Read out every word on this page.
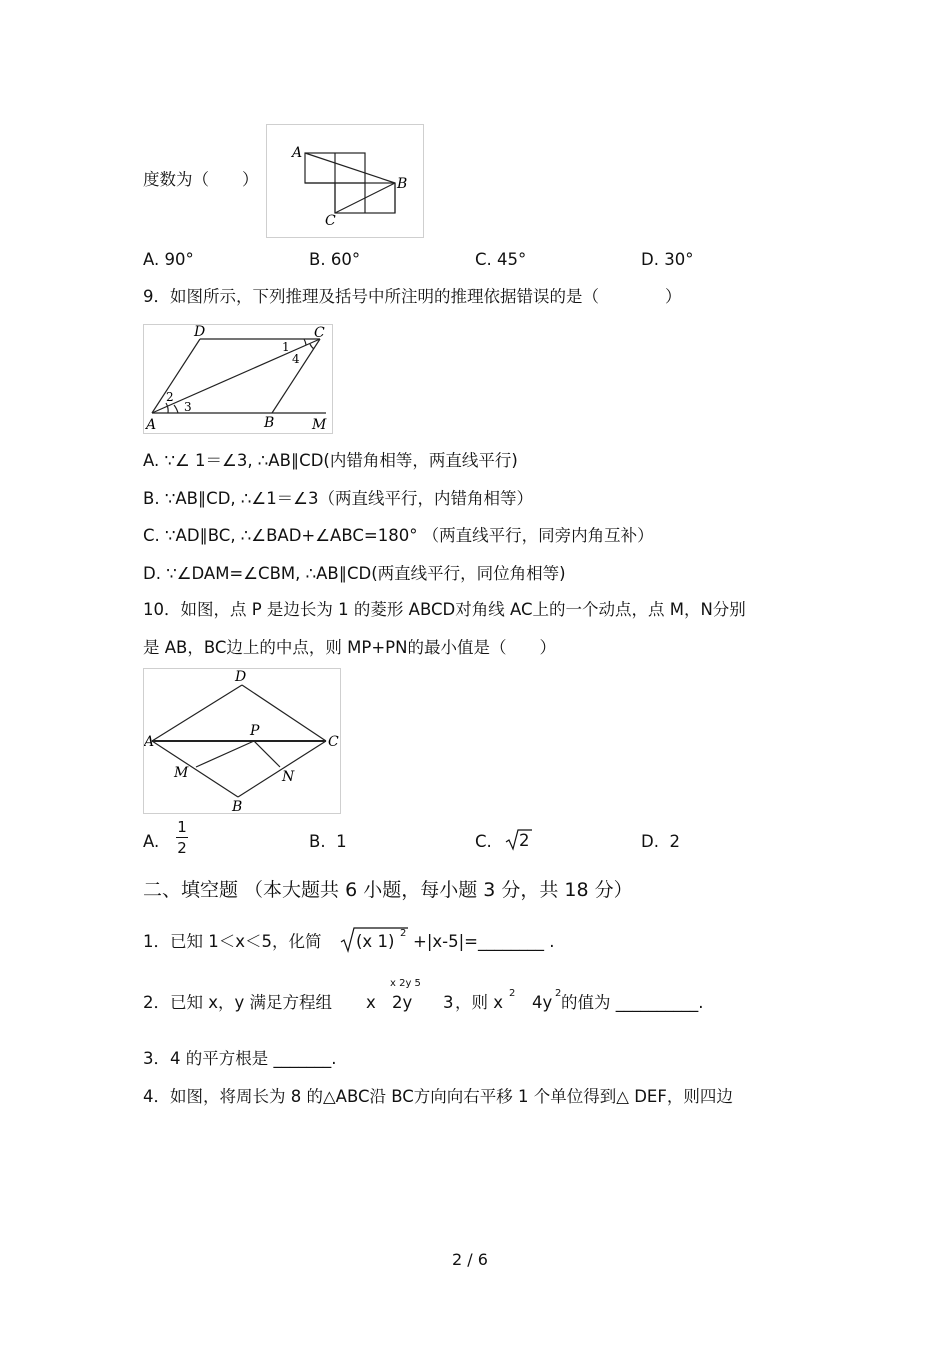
度数为（　　）
A
B
C
A. 90°	B. 60°	C. 45°	D. 30°
9．如图所示，下列推理及括号中所注明的推理依据错误的是（　　　　）
D	C
A	B	M
1
2
3
4
A. ∵∠ 1＝∠3, ∴AB∥CD(内错角相等，两直线平行)
B. ∵AB∥CD, ∴∠1＝∠3（两直线平行，内错角相等）
C. ∵AD∥BC, ∴∠BAD+∠ABC=180° （两直线平行，同旁内角互补）
D. ∵∠DAM=∠CBM, ∴AB∥CD(两直线平行，同位角相等)
10．如图，点 P 是边长为 1 的菱形 ABCD对角线 AC上的一个动点，点 M，N分别
是 AB，BC边上的中点，则 MP+PN的最小值是（　　）
D
A	C
P
M	N
B
A.
1
2	B. 1	C. 2	D. 2
二、填空题 （本大题共 6 小题，每小题 3 分，共 18 分）
1．已知 1＜x＜5，化简 (x 1) 2 +|x-5|=________ .
x 2y 5
2．已知 x，y 满足方程组 x 2y 3 ，则 x 2 4y 2 的值为 __________.
3．4 的平方根是 _______.
4．如图，将周长为 8 的△ABC沿 BC方向向右平移 1 个单位得到△ DEF，则四边
2 / 6
